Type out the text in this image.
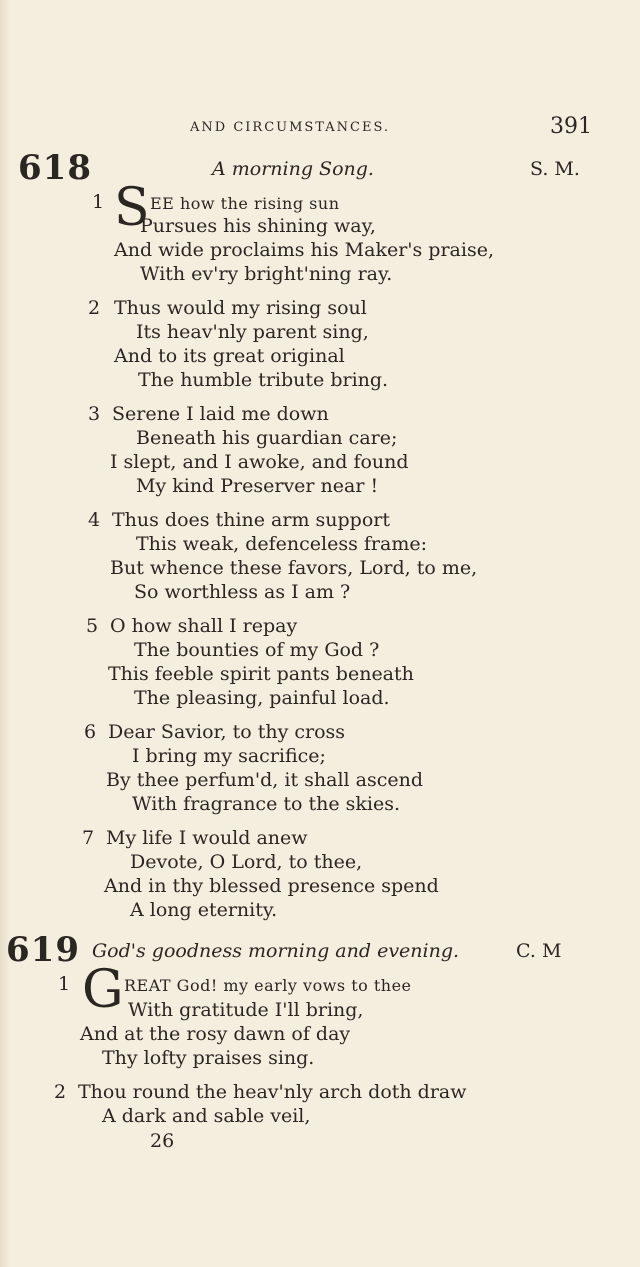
AND CIRCUMSTANCES.	391
618	A morning Song.	S. M.
1 S EE how the rising sun
Pursues his shining way,
And wide proclaims his Maker's praise,
With ev'ry bright'ning ray.
2 Thus would my rising soul
Its heav'nly parent sing,
And to its great original
The humble tribute bring.
3 Serene I laid me down
Beneath his guardian care;
I slept, and I awoke, and found
My kind Preserver near !
4 Thus does thine arm support
This weak, defenceless frame:
But whence these favors, Lord, to me,
So worthless as I am ?
5 O how shall I repay
The bounties of my God ?
This feeble spirit pants beneath
The pleasing, painful load.
6 Dear Savior, to thy cross
I bring my sacrifice;
By thee perfum'd, it shall ascend
With fragrance to the skies.
7 My life I would anew
Devote, O Lord, to thee,
And in thy blessed presence spend
A long eternity.
619 God's goodness morning and evening.	C. M
1 G REAT God! my early vows to thee
With gratitude I'll bring,
And at the rosy dawn of day
Thy lofty praises sing.
2 Thou round the heav'nly arch doth draw
A dark and sable veil,
26
